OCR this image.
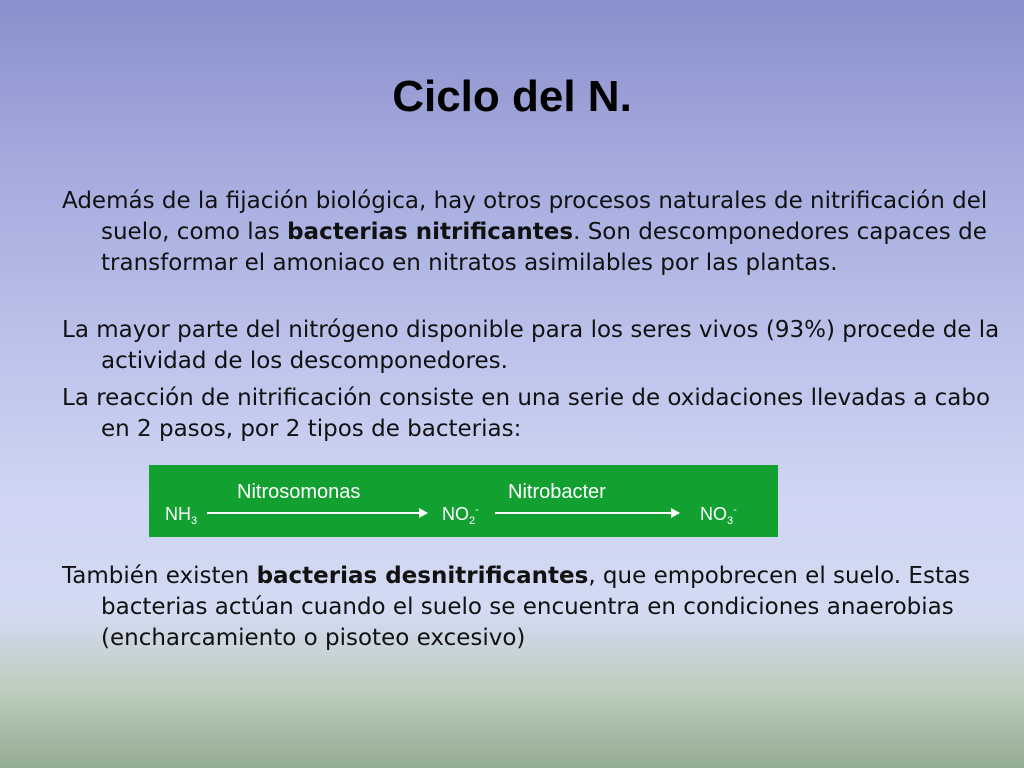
Ciclo del N.

Además de la fijación biológica, hay otros procesos naturales de nitrificación del suelo, como las bacterias nitrificantes. Son descomponedores capaces de transformar el amoniaco en nitratos asimilables por las plantas.

La mayor parte del nitrógeno disponible para los seres vivos (93%) procede de la actividad de los descomponedores.

La reacción de nitrificación consiste en una serie de oxidaciones llevadas a cabo en 2 pasos, por 2 tipos de bacterias:

Nitrosomonas	Nitrobacter
$NH_3$	$NO_2^-$	$NO_3^-$

También existen bacterias desnitrificantes, que empobrecen el suelo. Estas bacterias actúan cuando el suelo se encuentra en condiciones anaerobias (encharcamiento o pisoteo excesivo)
